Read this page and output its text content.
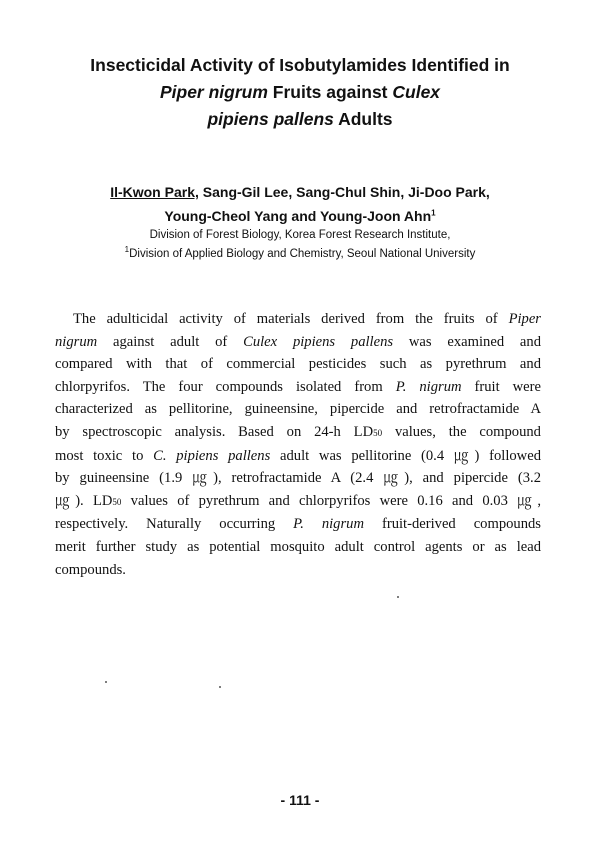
Insecticidal Activity of Isobutylamides Identified in
Piper nigrum Fruits against Culex
pipiens pallens Adults
Il-Kwon Park, Sang-Gil Lee, Sang-Chul Shin, Ji-Doo Park,
Young-Cheol Yang and Young-Joon Ahn$^1$
Division of Forest Biology, Korea Forest Research Institute,
$^1$Division of Applied Biology and Chemistry, Seoul National University

The adulticidal activity of materials derived from the fruits of Piper
nigrum against adult of Culex pipiens pallens was examined and
compared with that of commercial pesticides such as pyrethrum and
chlorpyrifos. The four compounds isolated from P. nigrum fruit were
characterized as pellitorine, guineensine, pipercide and retrofractamide A
by spectroscopic analysis. Based on 24-h LD50 values, the compound
most toxic to C. pipiens pallens adult was pellitorine (0.4 ㎍) followed
by guineensine (1.9 ㎍), retrofractamide A (2.4 ㎍), and pipercide (3.2
㎍). LD50 values of pyrethrum and chlorpyrifos were 0.16 and 0.03 ㎍,
respectively. Naturally occurring P. nigrum fruit-derived compounds
merit further study as potential mosquito adult control agents or as lead
compounds.

- 111 -
